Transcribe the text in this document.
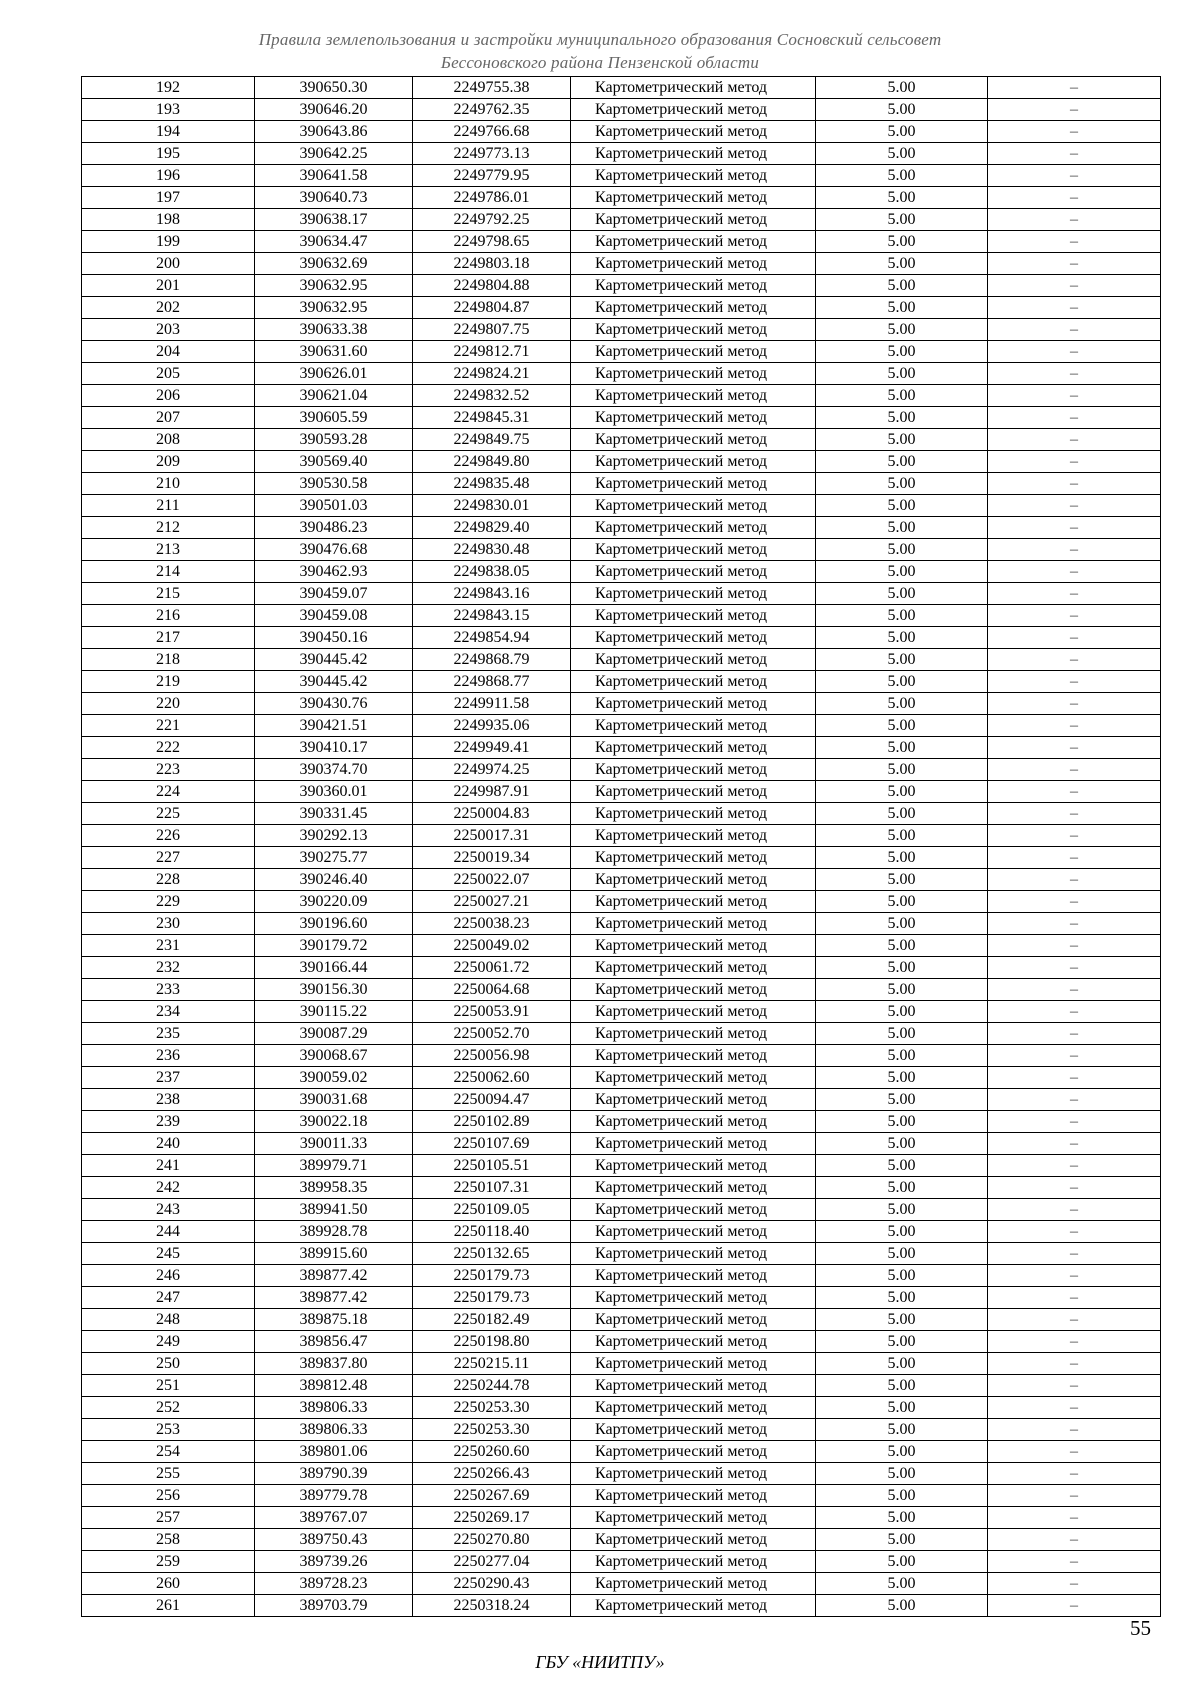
Правила землепользования и застройки муниципального образования Сосновский сельсовет
Бессоновского района Пензенской области
192	390650.30	2249755.38	Картометрический метод	5.00	–
193	390646.20	2249762.35	Картометрический метод	5.00	–
194	390643.86	2249766.68	Картометрический метод	5.00	–
195	390642.25	2249773.13	Картометрический метод	5.00	–
196	390641.58	2249779.95	Картометрический метод	5.00	–
197	390640.73	2249786.01	Картометрический метод	5.00	–
198	390638.17	2249792.25	Картометрический метод	5.00	–
199	390634.47	2249798.65	Картометрический метод	5.00	–
200	390632.69	2249803.18	Картометрический метод	5.00	–
201	390632.95	2249804.88	Картометрический метод	5.00	–
202	390632.95	2249804.87	Картометрический метод	5.00	–
203	390633.38	2249807.75	Картометрический метод	5.00	–
204	390631.60	2249812.71	Картометрический метод	5.00	–
205	390626.01	2249824.21	Картометрический метод	5.00	–
206	390621.04	2249832.52	Картометрический метод	5.00	–
207	390605.59	2249845.31	Картометрический метод	5.00	–
208	390593.28	2249849.75	Картометрический метод	5.00	–
209	390569.40	2249849.80	Картометрический метод	5.00	–
210	390530.58	2249835.48	Картометрический метод	5.00	–
211	390501.03	2249830.01	Картометрический метод	5.00	–
212	390486.23	2249829.40	Картометрический метод	5.00	–
213	390476.68	2249830.48	Картометрический метод	5.00	–
214	390462.93	2249838.05	Картометрический метод	5.00	–
215	390459.07	2249843.16	Картометрический метод	5.00	–
216	390459.08	2249843.15	Картометрический метод	5.00	–
217	390450.16	2249854.94	Картометрический метод	5.00	–
218	390445.42	2249868.79	Картометрический метод	5.00	–
219	390445.42	2249868.77	Картометрический метод	5.00	–
220	390430.76	2249911.58	Картометрический метод	5.00	–
221	390421.51	2249935.06	Картометрический метод	5.00	–
222	390410.17	2249949.41	Картометрический метод	5.00	–
223	390374.70	2249974.25	Картометрический метод	5.00	–
224	390360.01	2249987.91	Картометрический метод	5.00	–
225	390331.45	2250004.83	Картометрический метод	5.00	–
226	390292.13	2250017.31	Картометрический метод	5.00	–
227	390275.77	2250019.34	Картометрический метод	5.00	–
228	390246.40	2250022.07	Картометрический метод	5.00	–
229	390220.09	2250027.21	Картометрический метод	5.00	–
230	390196.60	2250038.23	Картометрический метод	5.00	–
231	390179.72	2250049.02	Картометрический метод	5.00	–
232	390166.44	2250061.72	Картометрический метод	5.00	–
233	390156.30	2250064.68	Картометрический метод	5.00	–
234	390115.22	2250053.91	Картометрический метод	5.00	–
235	390087.29	2250052.70	Картометрический метод	5.00	–
236	390068.67	2250056.98	Картометрический метод	5.00	–
237	390059.02	2250062.60	Картометрический метод	5.00	–
238	390031.68	2250094.47	Картометрический метод	5.00	–
239	390022.18	2250102.89	Картометрический метод	5.00	–
240	390011.33	2250107.69	Картометрический метод	5.00	–
241	389979.71	2250105.51	Картометрический метод	5.00	–
242	389958.35	2250107.31	Картометрический метод	5.00	–
243	389941.50	2250109.05	Картометрический метод	5.00	–
244	389928.78	2250118.40	Картометрический метод	5.00	–
245	389915.60	2250132.65	Картометрический метод	5.00	–
246	389877.42	2250179.73	Картометрический метод	5.00	–
247	389877.42	2250179.73	Картометрический метод	5.00	–
248	389875.18	2250182.49	Картометрический метод	5.00	–
249	389856.47	2250198.80	Картометрический метод	5.00	–
250	389837.80	2250215.11	Картометрический метод	5.00	–
251	389812.48	2250244.78	Картометрический метод	5.00	–
252	389806.33	2250253.30	Картометрический метод	5.00	–
253	389806.33	2250253.30	Картометрический метод	5.00	–
254	389801.06	2250260.60	Картометрический метод	5.00	–
255	389790.39	2250266.43	Картометрический метод	5.00	–
256	389779.78	2250267.69	Картометрический метод	5.00	–
257	389767.07	2250269.17	Картометрический метод	5.00	–
258	389750.43	2250270.80	Картометрический метод	5.00	–
259	389739.26	2250277.04	Картометрический метод	5.00	–
260	389728.23	2250290.43	Картометрический метод	5.00	–
261	389703.79	2250318.24	Картометрический метод	5.00	–
55
ГБУ «НИИТПУ»
